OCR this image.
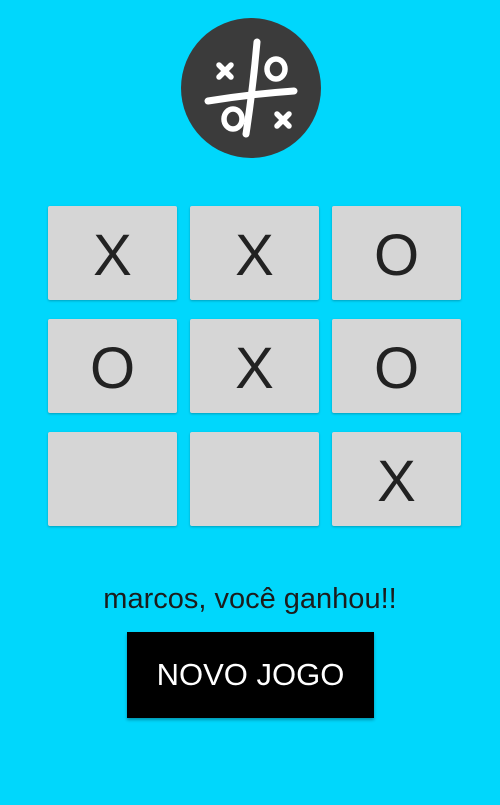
X X O
O X O
X
marcos, você ganhou!!
NOVO JOGO
